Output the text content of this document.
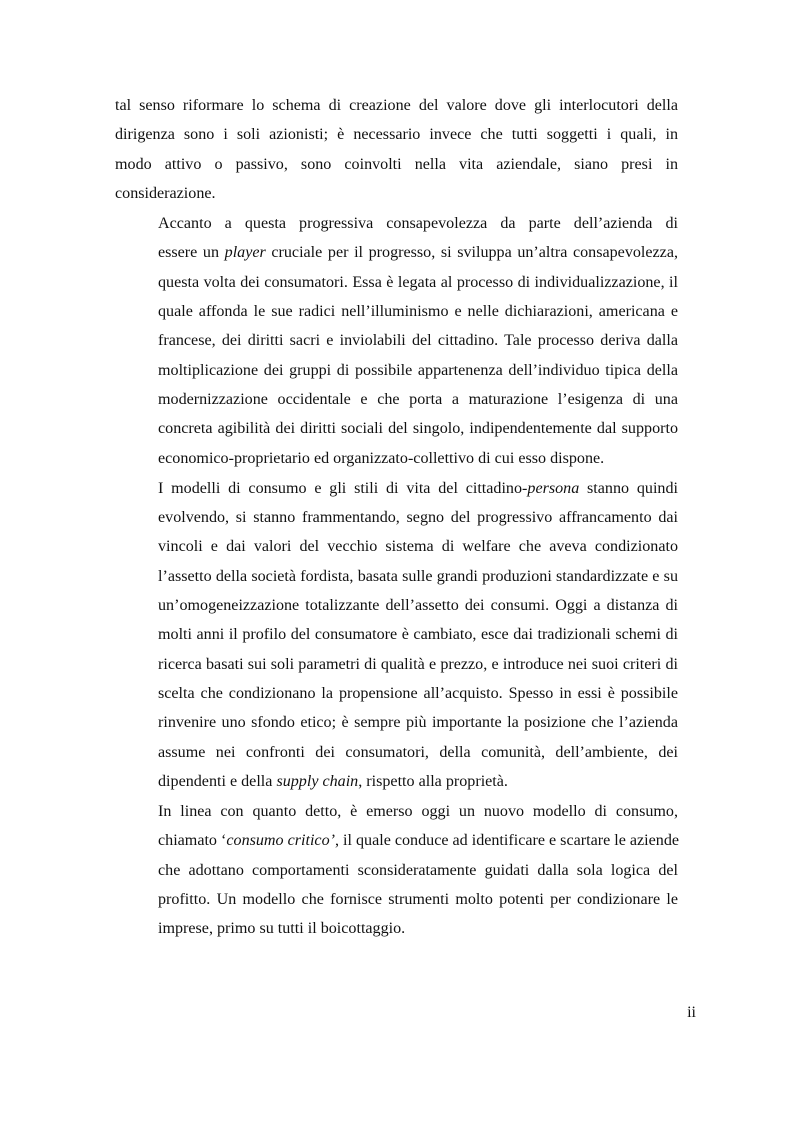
tal senso riformare lo schema di creazione del valore dove gli interlocutori della
dirigenza sono i soli azionisti; è necessario invece che tutti soggetti i quali, in
modo attivo o passivo, sono coinvolti nella vita aziendale, siano presi in
considerazione.

Accanto a questa progressiva consapevolezza da parte dell’azienda di
essere un player cruciale per il progresso, si sviluppa un’altra consapevolezza,
questa volta dei consumatori. Essa è legata al processo di individualizzazione, il
quale affonda le sue radici nell’illuminismo e nelle dichiarazioni, americana e
francese, dei diritti sacri e inviolabili del cittadino. Tale processo deriva dalla
moltiplicazione dei gruppi di possibile appartenenza dell’individuo tipica della
modernizzazione occidentale e che porta a maturazione l’esigenza di una
concreta agibilità dei diritti sociali del singolo, indipendentemente dal supporto
economico-proprietario ed organizzato-collettivo di cui esso dispone.

I modelli di consumo e gli stili di vita del cittadino-persona stanno quindi
evolvendo, si stanno frammentando, segno del progressivo affrancamento dai
vincoli e dai valori del vecchio sistema di welfare che aveva condizionato
l’assetto della società fordista, basata sulle grandi produzioni standardizzate e su
un’omogeneizzazione totalizzante dell’assetto dei consumi. Oggi a distanza di
molti anni il profilo del consumatore è cambiato, esce dai tradizionali schemi di
ricerca basati sui soli parametri di qualità e prezzo, e introduce nei suoi criteri di
scelta che condizionano la propensione all’acquisto. Spesso in essi è possibile
rinvenire uno sfondo etico; è sempre più importante la posizione che l’azienda
assume nei confronti dei consumatori, della comunità, dell’ambiente, dei
dipendenti e della supply chain, rispetto alla proprietà.

In linea con quanto detto, è emerso oggi un nuovo modello di consumo,
chiamato ‘consumo critico’, il quale conduce ad identificare e scartare le aziende
che adottano comportamenti sconsideratamente guidati dalla sola logica del
profitto. Un modello che fornisce strumenti molto potenti per condizionare le
imprese, primo su tutti il boicottaggio.

ii
